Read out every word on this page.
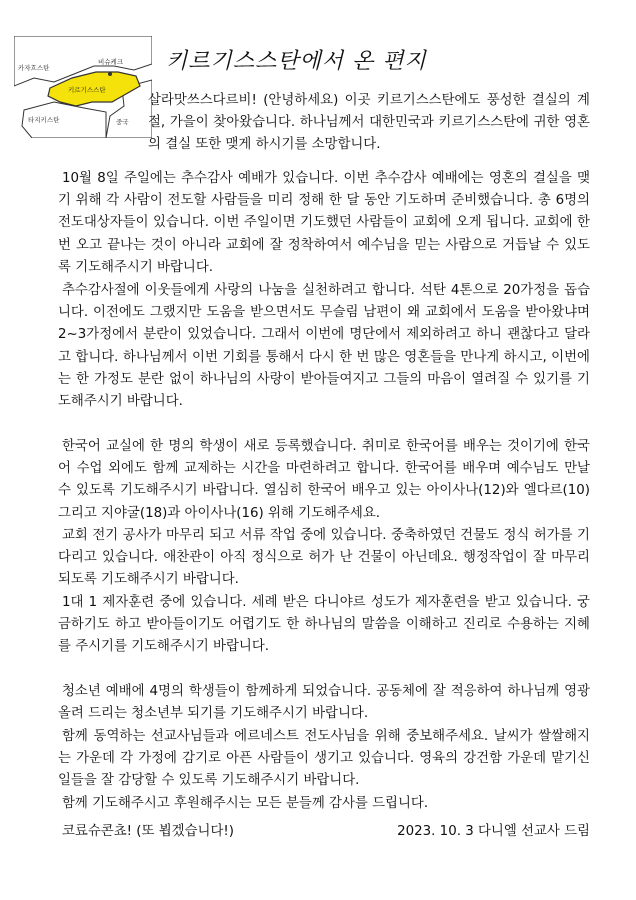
카자흐스탄
비슈케크
키르기스스탄
타지키스탄	중국
키르기스스탄에서 온 편지

살라맛쓰스다르비! (안녕하세요) 이곳 키르기스스탄에도 풍성한 결실의 계절, 가을이 찾아왔습니다. 하나님께서 대한민국과 키르기스스탄에 귀한 영혼의 결실 또한 맺게 하시기를 소망합니다.

10월 8일 주일에는 추수감사 예배가 있습니다. 이번 추수감사 예배에는 영혼의 결실을 맺기 위해 각 사람이 전도할 사람들을 미리 정해 한 달 동안 기도하며 준비했습니다. 총 6명의 전도대상자들이 있습니다. 이번 주일이면 기도했던 사람들이 교회에 오게 됩니다. 교회에 한 번 오고 끝나는 것이 아니라 교회에 잘 정착하여서 예수님을 믿는 사람으로 거듭날 수 있도록 기도해주시기 바랍니다.

추수감사절에 이웃들에게 사랑의 나눔을 실천하려고 합니다. 석탄 4톤으로 20가정을 돕습니다. 이전에도 그랬지만 도움을 받으면서도 무슬림 남편이 왜 교회에서 도움을 받아왔냐며 2~3가정에서 분란이 있었습니다. 그래서 이번에 명단에서 제외하려고 하니 괜찮다고 달라고 합니다. 하나님께서 이번 기회를 통해서 다시 한 번 많은 영혼들을 만나게 하시고, 이번에는 한 가정도 분란 없이 하나님의 사랑이 받아들여지고 그들의 마음이 열려질 수 있기를 기도해주시기 바랍니다.

한국어 교실에 한 명의 학생이 새로 등록했습니다. 취미로 한국어를 배우는 것이기에 한국어 수업 외에도 함께 교제하는 시간을 마련하려고 합니다. 한국어를 배우며 예수님도 만날 수 있도록 기도해주시기 바랍니다. 열심히 한국어 배우고 있는 아이사나(12)와 엘다르(10) 그리고 지야굴(18)과 아이사나(16) 위해 기도해주세요.

교회 전기 공사가 마무리 되고 서류 작업 중에 있습니다. 중축하였던 건물도 정식 허가를 기다리고 있습니다. 애찬관이 아직 정식으로 허가 난 건물이 아닌데요. 행정작업이 잘 마무리 되도록 기도해주시기 바랍니다.

1대 1 제자훈련 중에 있습니다. 세례 받은 다니야르 성도가 제자훈련을 받고 있습니다. 궁금하기도 하고 받아들이기도 어렵기도 한 하나님의 말씀을 이해하고 진리로 수용하는 지혜를 주시기를 기도해주시기 바랍니다.

청소년 예배에 4명의 학생들이 함께하게 되었습니다. 공동체에 잘 적응하여 하나님께 영광 올려 드리는 청소년부 되기를 기도해주시기 바랍니다.

함께 동역하는 선교사님들과 에르네스트 전도사님을 위해 중보해주세요. 날씨가 쌀쌀해지는 가운데 각 가정에 감기로 아픈 사람들이 생기고 있습니다. 영육의 강건함 가운데 맡기신 일들을 잘 감당할 수 있도록 기도해주시기 바랍니다.

함께 기도해주시고 후원해주시는 모든 분들께 감사를 드립니다.

코료슈콘쵸! (또 뵙겠습니다!)	2023. 10. 3 다니엘 선교사 드림
